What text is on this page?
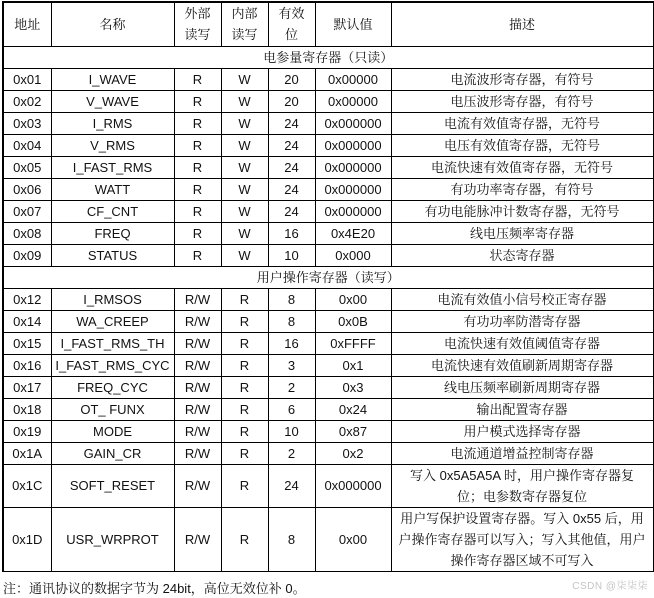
地址	名称	外部读写	内部读写	有效位	默认值	描述
电参量寄存器（只读）						
0x01	I_WAVE	R	W	20	0x00000	电流波形寄存器，有符号
0x02	V_WAVE	R	W	20	0x00000	电压波形寄存器，有符号
0x03	I_RMS	R	W	24	0x000000	电流有效值寄存器，无符号
0x04	V_RMS	R	W	24	0x000000	电压有效值寄存器，无符号
0x05	I_FAST_RMS	R	W	24	0x000000	电流快速有效值寄存器，无符号
0x06	WATT	R	W	24	0x000000	有功功率寄存器，有符号
0x07	CF_CNT	R	W	24	0x000000	有功电能脉冲计数寄存器，无符号
0x08	FREQ	R	W	16	0x4E20	线电压频率寄存器
0x09	STATUS	R	W	10	0x000	状态寄存器
用户操作寄存器（读写）						
0x12	I_RMSOS	R/W	R	8	0x00	电流有效值小信号校正寄存器
0x14	WA_CREEP	R/W	R	8	0x0B	有功功率防潜寄存器
0x15	I_FAST_RMS_TH	R/W	R	16	0xFFFF	电流快速有效值阈值寄存器
0x16	I_FAST_RMS_CYC	R/W	R	3	0x1	电流快速有效值刷新周期寄存器
0x17	FREQ_CYC	R/W	R	2	0x3	线电压频率刷新周期寄存器
0x18	OT_ FUNX	R/W	R	6	0x24	输出配置寄存器
0x19	MODE	R/W	R	10	0x87	用户模式选择寄存器
0x1A	GAIN_CR	R/W	R	2	0x2	电流通道增益控制寄存器
0x1C	SOFT_RESET	R/W	R	24	0x000000	写入 0x5A5A5A 时，用户操作寄存器复位；电参数寄存器复位
0x1D	USR_WRPROT	R/W	R	8	0x00	用户写保护设置寄存器。写入 0x55 后，用户操作寄存器可以写入；写入其他值，用户操作寄存器区域不可写入
注：通讯协议的数据字节为 24bit，高位无效位补 0。	CSDN @柒柒柒
